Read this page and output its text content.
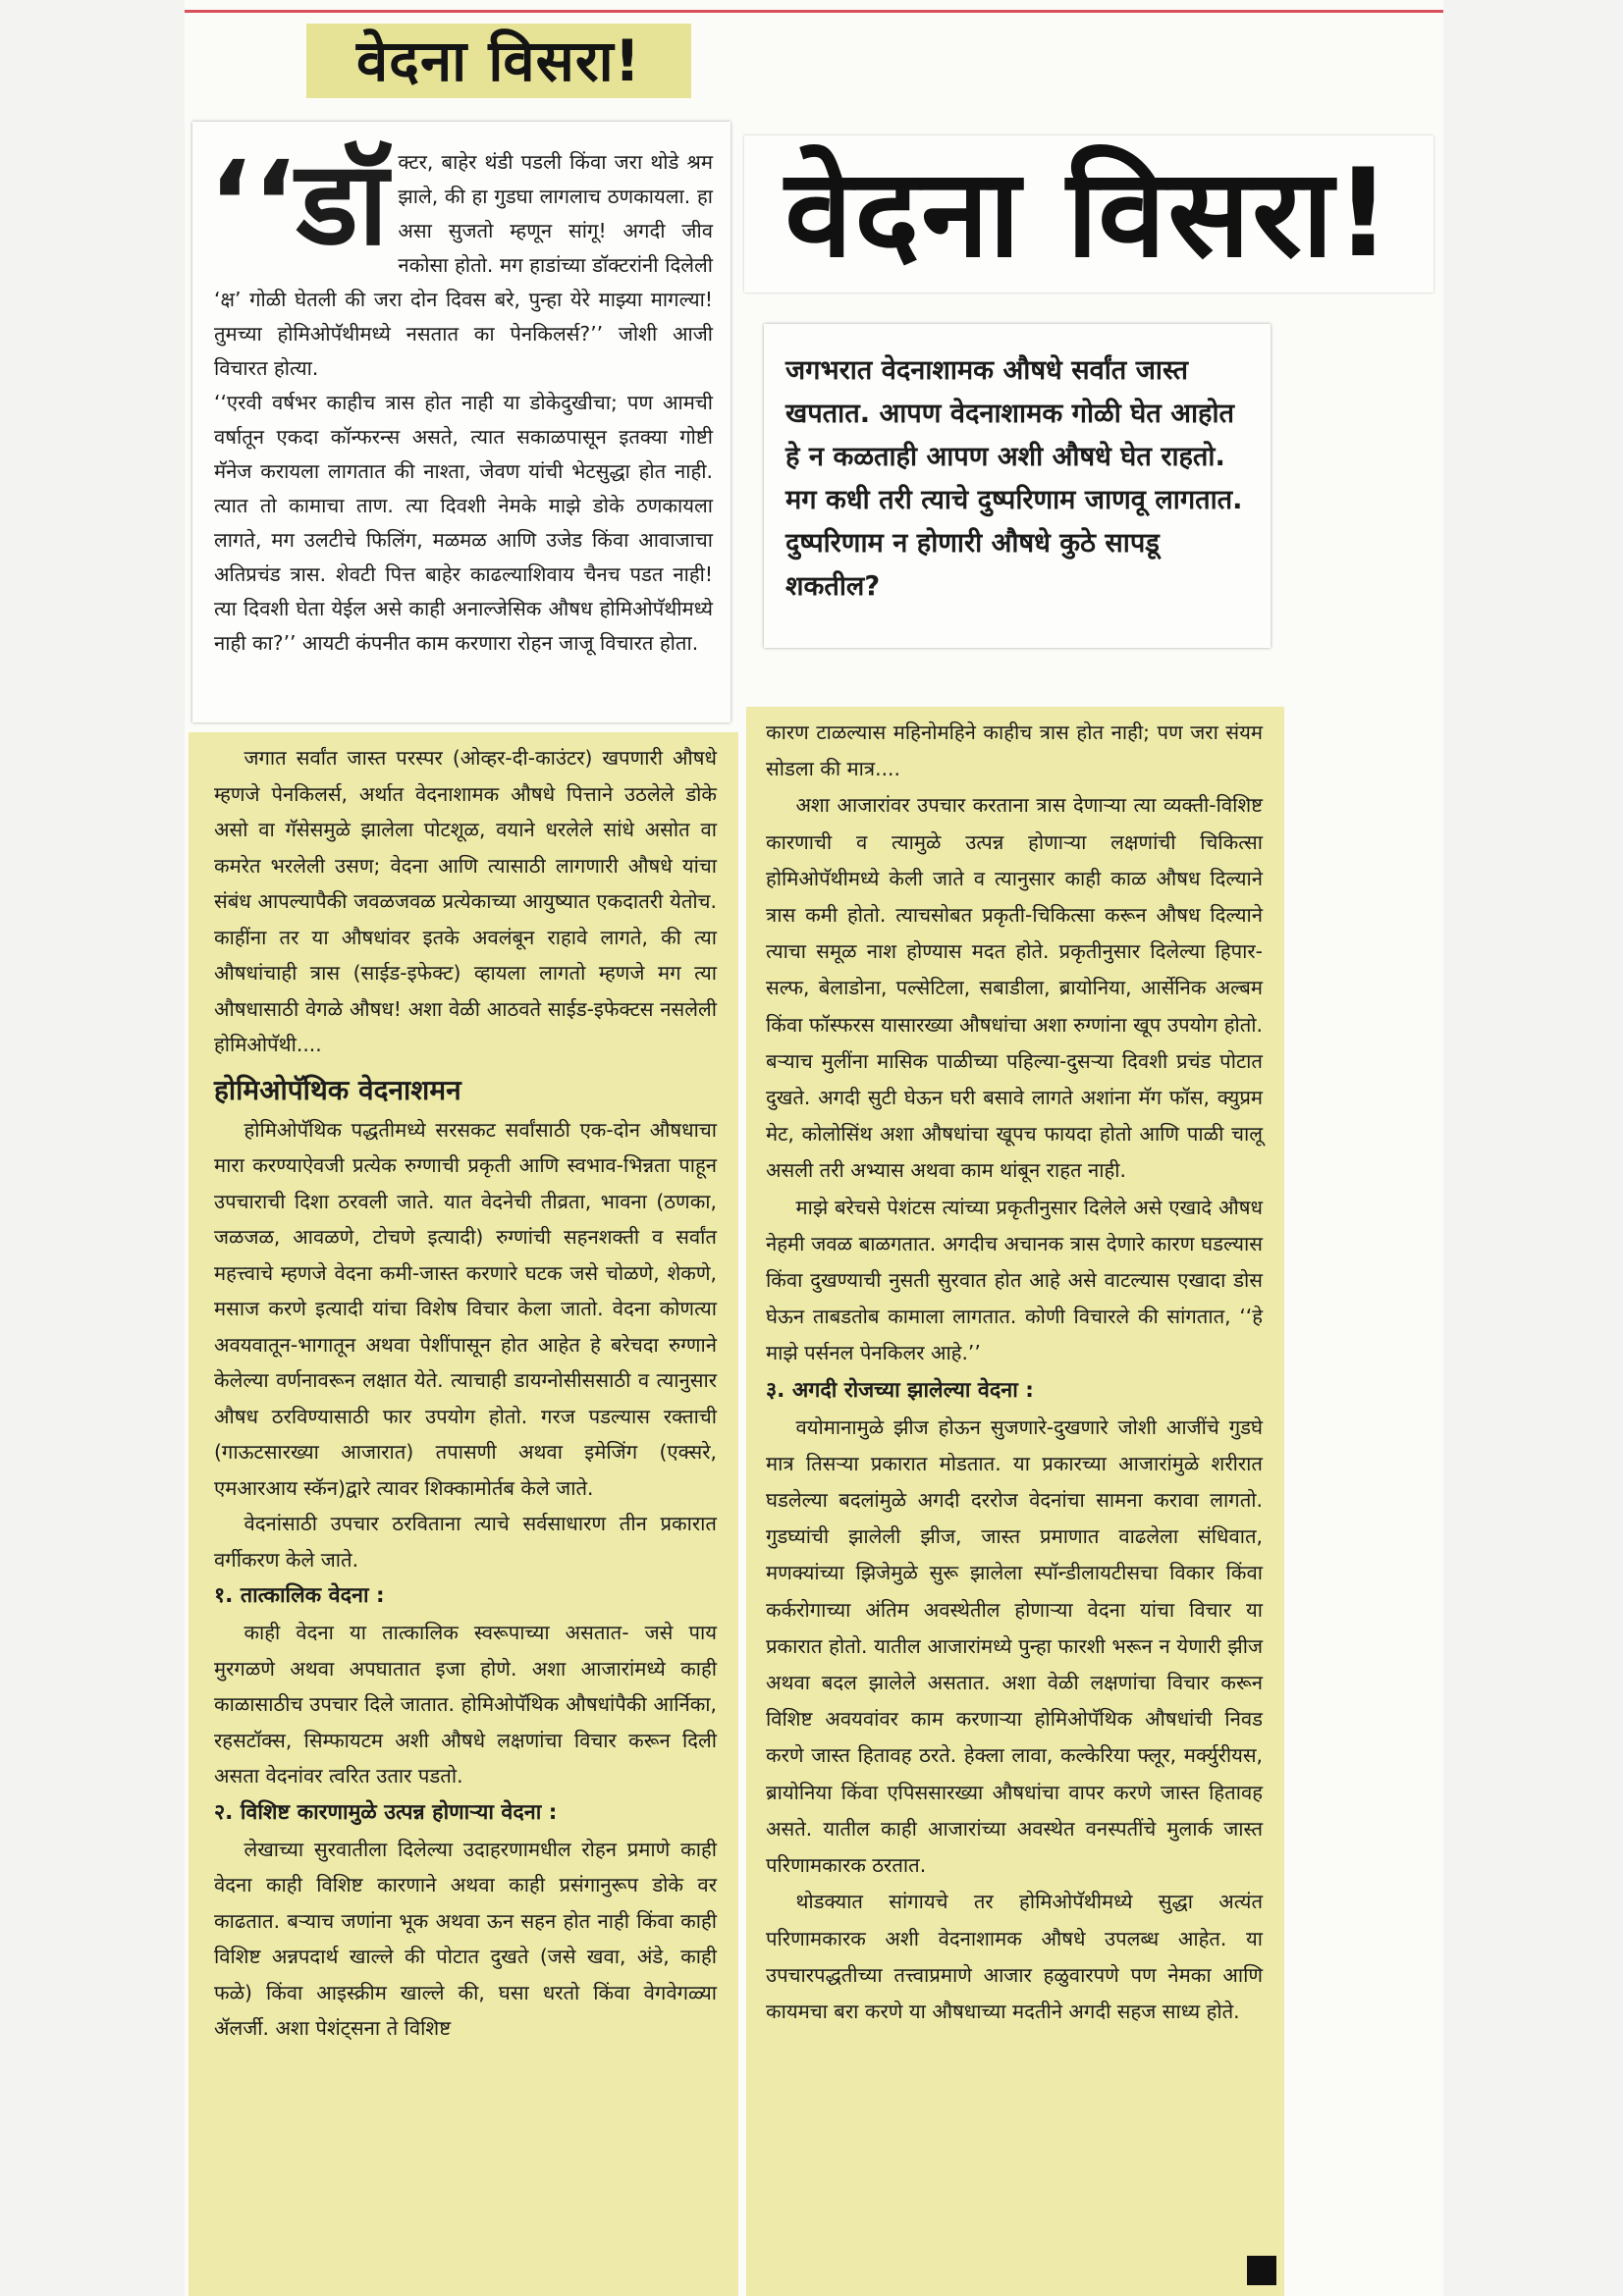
वेदना विसरा!
वेदना विसरा!
‘‘डॉ क्टर, बाहेर थंडी पडली किंवा जरा थोडे श्रम झाले, की हा गुडघा लागलाच ठणकायला. हा असा सुजतो म्हणून सांगू! अगदी जीव नकोसा होतो. मग हाडांच्या डॉक्टरांनी दिलेली ‘क्ष’ गोळी घेतली की जरा दोन दिवस बरे, पुन्हा येरे माझ्या मागल्या! तुमच्या होमिओपॅथीमध्ये नसतात का पेनकिलर्स?’’ जोशी आजी विचारत होत्या.

‘‘एरवी वर्षभर काहीच त्रास होत नाही या डोकेदुखीचा; पण आमची वर्षातून एकदा कॉन्फरन्स असते, त्यात सकाळपासून इतक्या गोष्टी मॅनेज करायला लागतात की नाश्ता, जेवण यांची भेटसुद्धा होत नाही. त्यात तो कामाचा ताण. त्या दिवशी नेमके माझे डोके ठणकायला लागते, मग उलटीचे फिलिंग, मळमळ आणि उजेड किंवा आवाजाचा अतिप्रचंड त्रास. शेवटी पित्त बाहेर काढल्याशिवाय चैनच पडत नाही! त्या दिवशी घेता येईल असे काही अनाल्जेसिक औषध होमिओपॅथीमध्ये नाही का?’’ आयटी कंपनीत काम करणारा रोहन जाजू विचारत होता.

जगभरात वेदनाशामक औषधे सर्वांत जास्त खपतात. आपण वेदनाशामक गोळी घेत आहोत हे न कळताही आपण अशी औषधे घेत राहतो. मग कधी तरी त्याचे दुष्परिणाम जाणवू लागतात. दुष्परिणाम न होणारी औषधे कुठे सापडू शकतील?

जगात सर्वांत जास्त परस्पर (ओव्हर-दी-काउंटर) खपणारी औषधे म्हणजे पेनकिलर्स, अर्थात वेदनाशामक औषधे पित्ताने उठलेले डोके असो वा गॅसेसमुळे झालेला पोटशूळ, वयाने धरलेले सांधे असोत वा कमरेत भरलेली उसण; वेदना आणि त्यासाठी लागणारी औषधे यांचा संबंध आपल्यापैकी जवळजवळ प्रत्येकाच्या आयुष्यात एकदातरी येतोच. काहींना तर या औषधांवर इतके अवलंबून राहावे लागते, की त्या औषधांचाही त्रास (साईड-इफेक्ट) व्हायला लागतो म्हणजे मग त्या औषधासाठी वेगळे औषध! अशा वेळी आठवते साईड-इफेक्टस नसलेली होमिओपॅथी....

होमिओपॅथिक वेदनाशमन

होमिओपॅथिक पद्धतीमध्ये सरसकट सर्वांसाठी एक-दोन औषधाचा मारा करण्याऐवजी प्रत्येक रुग्णाची प्रकृती आणि स्वभाव-भिन्नता पाहून उपचाराची दिशा ठरवली जाते. यात वेदनेची तीव्रता, भावना (ठणका, जळजळ, आवळणे, टोचणे इत्यादी) रुग्णांची सहनशक्ती व सर्वांत महत्त्वाचे म्हणजे वेदना कमी-जास्त करणारे घटक जसे चोळणे, शेकणे, मसाज करणे इत्यादी यांचा विशेष विचार केला जातो. वेदना कोणत्या अवयवातून-भागातून अथवा पेशींपासून होत आहेत हे बरेचदा रुग्णाने केलेल्या वर्णनावरून लक्षात येते. त्याचाही डायग्नोसीससाठी व त्यानुसार औषध ठरविण्यासाठी फार उपयोग होतो. गरज पडल्यास रक्ताची (गाऊटसारख्या आजारात) तपासणी अथवा इमेजिंग (एक्सरे, एमआरआय स्कॅन)द्वारे त्यावर शिक्कामोर्तब केले जाते.

वेदनांसाठी उपचार ठरविताना त्याचे सर्वसाधारण तीन प्रकारात वर्गीकरण केले जाते.

१. तात्कालिक वेदना :

काही वेदना या तात्कालिक स्वरूपाच्या असतात- जसे पाय मुरगळणे अथवा अपघातात इजा होणे. अशा आजारांमध्ये काही काळासाठीच उपचार दिले जातात. होमिओपॅथिक औषधांपैकी आर्निका, रहसटॉक्स, सिम्फायटम अशी औषधे लक्षणांचा विचार करून दिली असता वेदनांवर त्वरित उतार पडतो.

२. विशिष्ट कारणामुळे उत्पन्न होणाऱ्या वेदना :

लेखाच्या सुरवातीला दिलेल्या उदाहरणामधील रोहन प्रमाणे काही वेदना काही विशिष्ट कारणाने अथवा काही प्रसंगानुरूप डोके वर काढतात. बऱ्याच जणांना भूक अथवा ऊन सहन होत नाही किंवा काही विशिष्ट अन्नपदार्थ खाल्ले की पोटात दुखते (जसे खवा, अंडे, काही फळे) किंवा आइस्क्रीम खाल्ले की, घसा धरतो किंवा वेगवेगळ्या ॲलर्जी. अशा पेशंट्सना ते विशिष्ट

कारण टाळल्यास महिनोमहिने काहीच त्रास होत नाही; पण जरा संयम सोडला की मात्र....

अशा आजारांवर उपचार करताना त्रास देणाऱ्या त्या व्यक्ती-विशिष्ट कारणाची व त्यामुळे उत्पन्न होणाऱ्या लक्षणांची चिकित्सा होमिओपॅथीमध्ये केली जाते व त्यानुसार काही काळ औषध दिल्याने त्रास कमी होतो. त्याचसोबत प्रकृती-चिकित्सा करून औषध दिल्याने त्याचा समूळ नाश होण्यास मदत होते. प्रकृतीनुसार दिलेल्या हिपार-सल्फ, बेलाडोना, पल्सेटिला, सबाडीला, ब्रायोनिया, आर्सेनिक अल्बम किंवा फॉस्फरस यासारख्या औषधांचा अशा रुग्णांना खूप उपयोग होतो. बऱ्याच मुलींना मासिक पाळीच्या पहिल्या-दुसऱ्या दिवशी प्रचंड पोटात दुखते. अगदी सुटी घेऊन घरी बसावे लागते अशांना मॅग फॉस, क्युप्रम मेट, कोलोसिंथ अशा औषधांचा खूपच फायदा होतो आणि पाळी चालू असली तरी अभ्यास अथवा काम थांबून राहत नाही.

माझे बरेचसे पेशंटस त्यांच्या प्रकृतीनुसार दिलेले असे एखादे औषध नेहमी जवळ बाळगतात. अगदीच अचानक त्रास देणारे कारण घडल्यास किंवा दुखण्याची नुसती सुरवात होत आहे असे वाटल्यास एखादा डोस घेऊन ताबडतोब कामाला लागतात. कोणी विचारले की सांगतात, ‘‘हे माझे पर्सनल पेनकिलर आहे.’’

३. अगदी रोजच्या झालेल्या वेदना :

वयोमानामुळे झीज होऊन सुजणारे-दुखणारे जोशी आजींचे गुडघे मात्र तिसऱ्या प्रकारात मोडतात. या प्रकारच्या आजारांमुळे शरीरात घडलेल्या बदलांमुळे अगदी दररोज वेदनांचा सामना करावा लागतो. गुडघ्यांची झालेली झीज, जास्त प्रमाणात वाढलेला संधिवात, मणक्यांच्या झिजेमुळे सुरू झालेला स्पॉन्डीलायटीसचा विकार किंवा कर्करोगाच्या अंतिम अवस्थेतील होणाऱ्या वेदना यांचा विचार या प्रकारात होतो. यातील आजारांमध्ये पुन्हा फारशी भरून न येणारी झीज अथवा बदल झालेले असतात. अशा वेळी लक्षणांचा विचार करून विशिष्ट अवयवांवर काम करणाऱ्या होमिओपॅथिक औषधांची निवड करणे जास्त हितावह ठरते. हेक्ला लावा, कल्केरिया फ्लूर, मर्क्युरीयस, ब्रायोनिया किंवा एपिससारख्या औषधांचा वापर करणे जास्त हितावह असते. यातील काही आजारांच्या अवस्थेत वनस्पतींचे मुलार्क जास्त परिणामकारक ठरतात.

थोडक्यात सांगायचे तर होमिओपॅथीमध्ये सुद्धा अत्यंत परिणामकारक अशी वेदनाशामक औषधे उपलब्ध आहेत. या उपचारपद्धतीच्या तत्त्वाप्रमाणे आजार हळुवारपणे पण नेमका आणि कायमचा बरा करणे या औषधाच्या मदतीने अगदी सहज साध्य होते.
